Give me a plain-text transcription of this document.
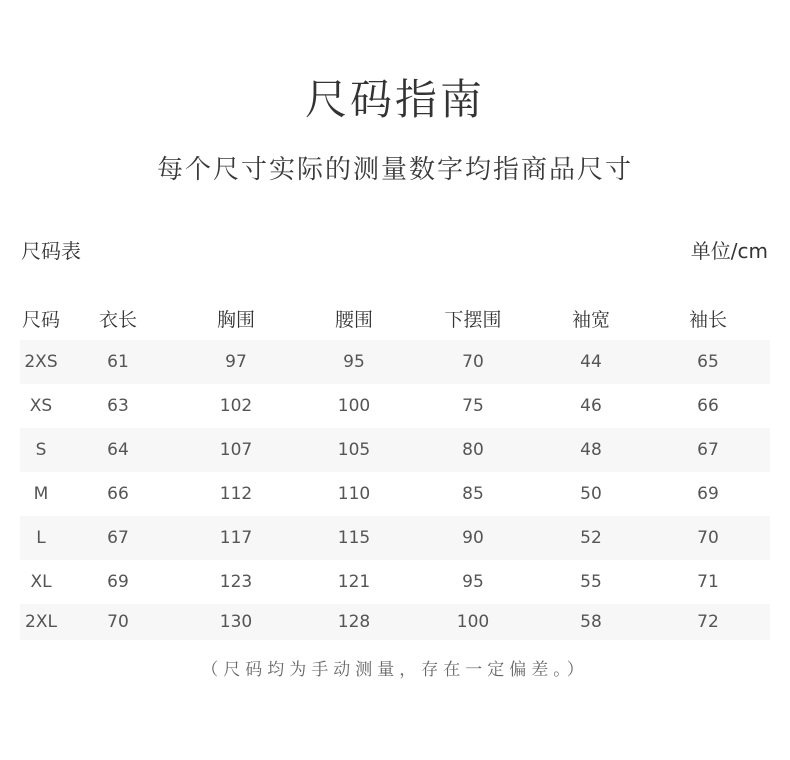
尺码指南
每个尺寸实际的测量数字均指商品尺寸
尺码表	单位/cm
尺码	衣长	胸围	腰围	下摆围	袖宽	袖长
2XS	61	97	95	70	44	65
XS	63	102	100	75	46	66
S	64	107	105	80	48	67
M	66	112	110	85	50	69
L	67	117	115	90	52	70
XL	69	123	121	95	55	71
2XL	70	130	128	100	58	72
（尺码均为手动测量，存在一定偏差。）
